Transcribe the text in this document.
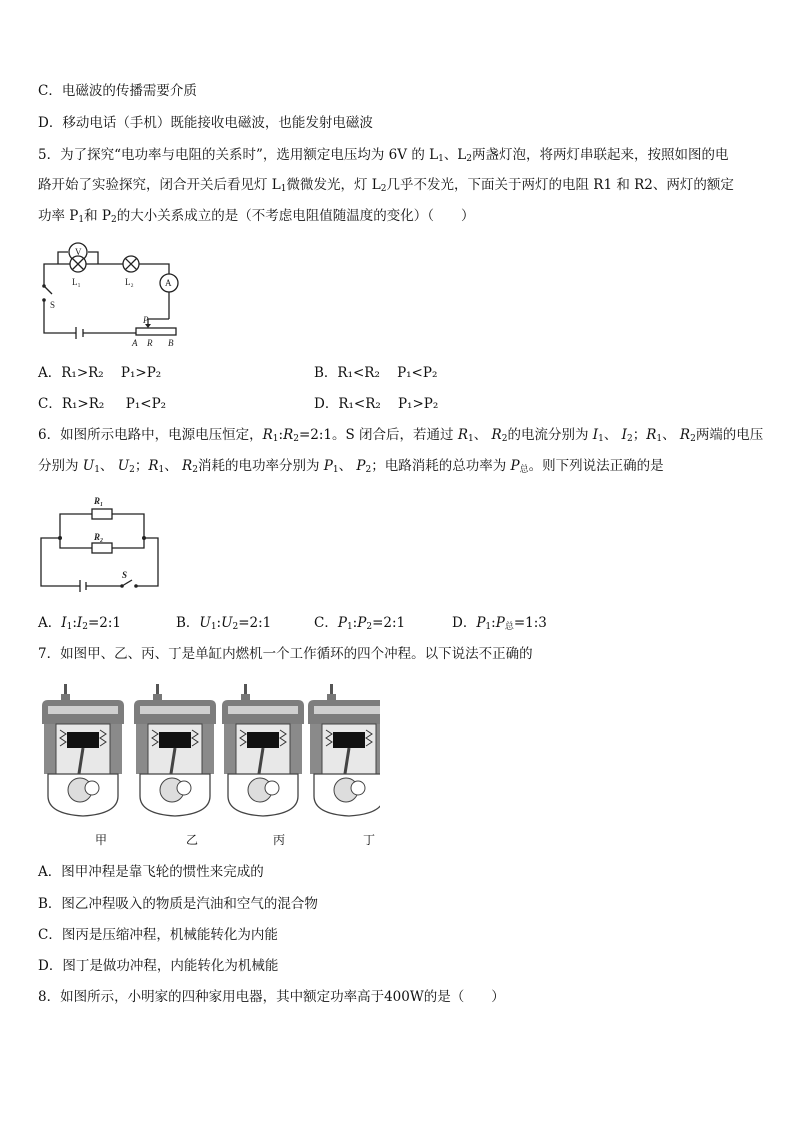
C．电磁波的传播需要介质
D．移动电话（手机）既能接收电磁波，也能发射电磁波
5．为了探究“电功率与电阻的关系时”，选用额定电压均为 6V 的 $L_1$、$L_2$两盏灯泡，将两灯串联起来，按照如图的电
路开始了实验探究，闭合开关后看见灯 $L_1$微微发光，灯 $L_2$几乎不发光，下面关于两灯的电阻 R1 和 R2、两灯的额定
功率 $P_1$和 $P_2$的大小关系成立的是（不考虑电阻值随温度的变化）（　　）
V
A
L₁	L₂
S
P
A R B
A．R₁>R₂ P₁>P₂	B．R₁<R₂ P₁<P₂
C．R₁>R₂ P₁<P₂	D．R₁<R₂ P₁>P₂
6．如图所示电路中，电源电压恒定，$R_1:R_2=2:1$。S 闭合后，若通过 $R_1$、 $R_2$的电流分别为 $I_1$、 $I_2$；$R_1$、 $R_2$两端的电压
分别为 $U_1$、 $U_2$；$R_1$、 $R_2$消耗的电功率分别为 $P_1$、 $P_2$；电路消耗的总功率为 $P_总$。则下列说法正确的是
R₁
R₂
S
A．$I_1:I_2=2:1$	B．$U_1:U_2=2:1$	C．$P_1:P_2=2:1$	D．$P_1:P_总=1:3$
7．如图甲、乙、丙、丁是单缸内燃机一个工作循环的四个冲程。以下说法不正确的
甲	乙	丙	丁
A．图甲冲程是靠飞轮的惯性来完成的
B．图乙冲程吸入的物质是汽油和空气的混合物
C．图丙是压缩冲程，机械能转化为内能
D．图丁是做功冲程，内能转化为机械能
8．如图所示，小明家的四种家用电器，其中额定功率高于400W的是（　　）
